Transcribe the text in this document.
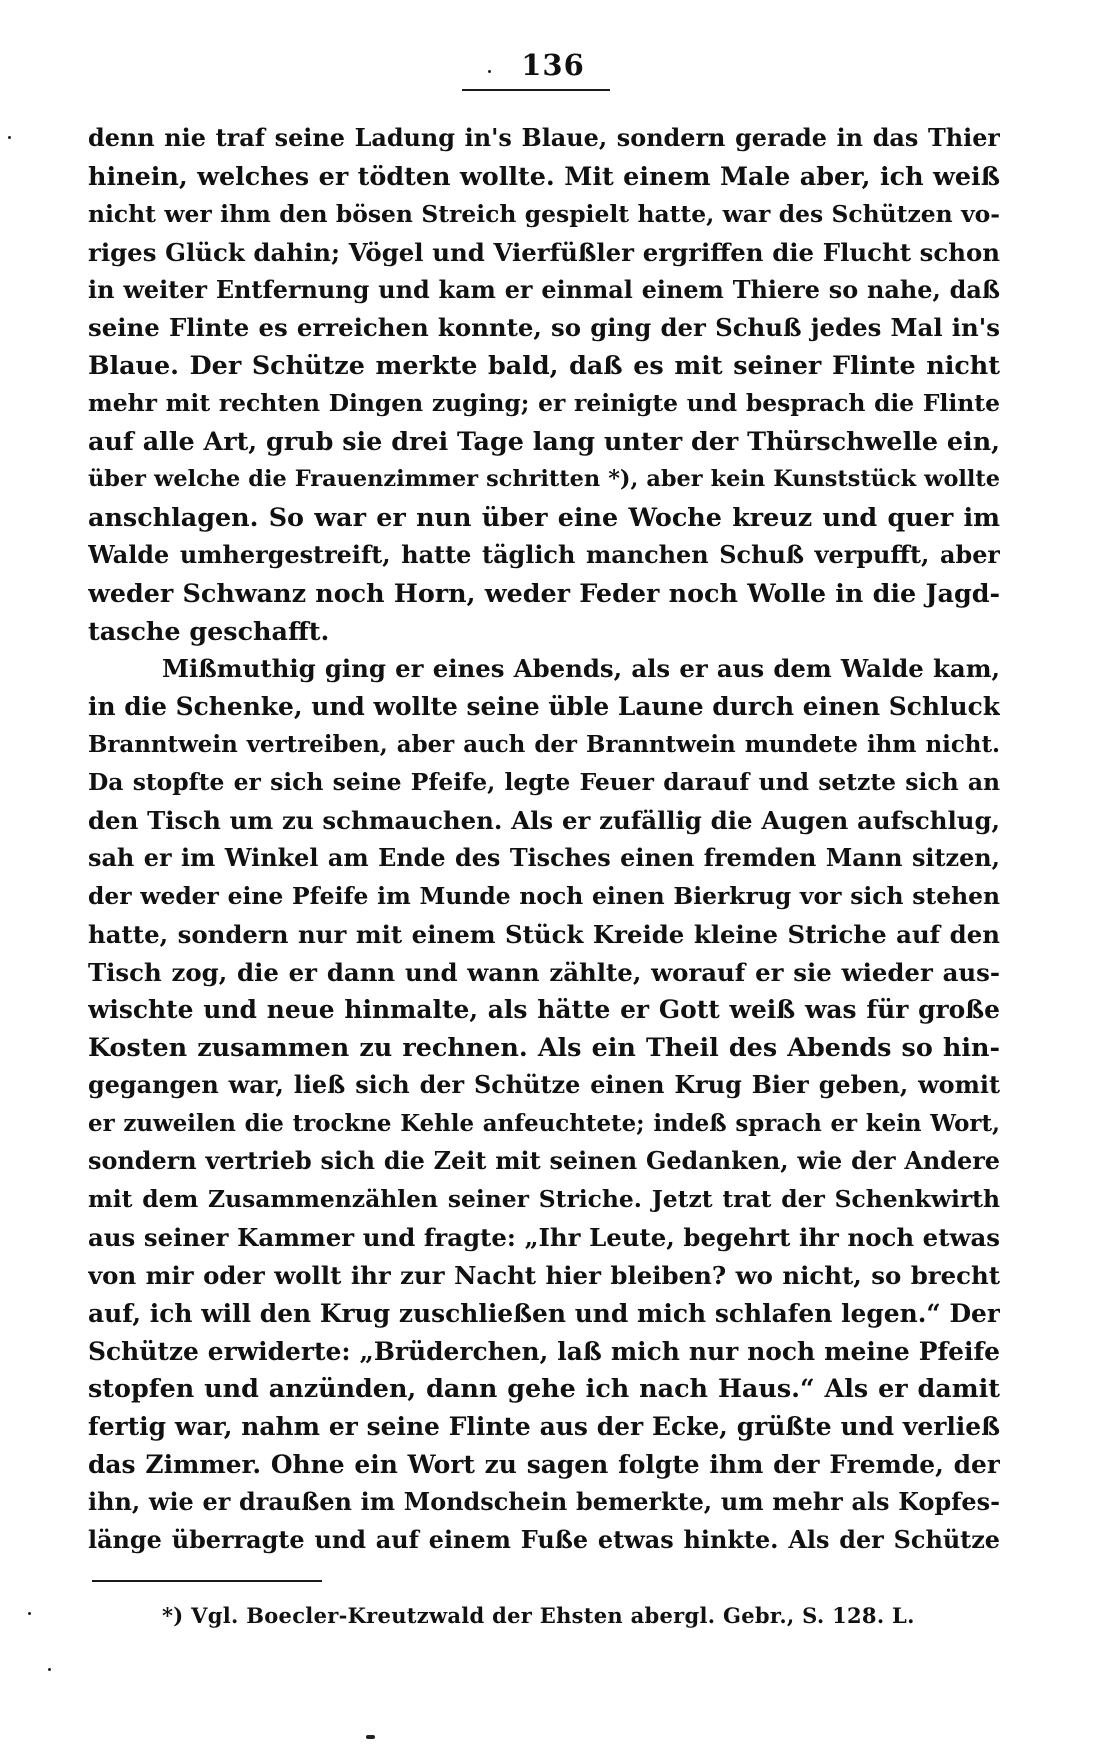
136
denn nie traf seine Ladung in's Blaue, sondern gerade in das Thier
hinein, welches er tödten wollte. Mit einem Male aber, ich weiß
nicht wer ihm den bösen Streich gespielt hatte, war des Schützen vo-
riges Glück dahin; Vögel und Vierfüßler ergriffen die Flucht schon
in weiter Entfernung und kam er einmal einem Thiere so nahe, daß
seine Flinte es erreichen konnte, so ging der Schuß jedes Mal in's
Blaue. Der Schütze merkte bald, daß es mit seiner Flinte nicht
mehr mit rechten Dingen zuging; er reinigte und besprach die Flinte
auf alle Art, grub sie drei Tage lang unter der Thürschwelle ein,
über welche die Frauenzimmer schritten *), aber kein Kunststück wollte
anschlagen. So war er nun über eine Woche kreuz und quer im
Walde umhergestreift, hatte täglich manchen Schuß verpufft, aber
weder Schwanz noch Horn, weder Feder noch Wolle in die Jagd-
tasche geschafft.
Mißmuthig ging er eines Abends, als er aus dem Walde kam,
in die Schenke, und wollte seine üble Laune durch einen Schluck
Branntwein vertreiben, aber auch der Branntwein mundete ihm nicht.
Da stopfte er sich seine Pfeife, legte Feuer darauf und setzte sich an
den Tisch um zu schmauchen. Als er zufällig die Augen aufschlug,
sah er im Winkel am Ende des Tisches einen fremden Mann sitzen,
der weder eine Pfeife im Munde noch einen Bierkrug vor sich stehen
hatte, sondern nur mit einem Stück Kreide kleine Striche auf den
Tisch zog, die er dann und wann zählte, worauf er sie wieder aus-
wischte und neue hinmalte, als hätte er Gott weiß was für große
Kosten zusammen zu rechnen. Als ein Theil des Abends so hin-
gegangen war, ließ sich der Schütze einen Krug Bier geben, womit
er zuweilen die trockne Kehle anfeuchtete; indeß sprach er kein Wort,
sondern vertrieb sich die Zeit mit seinen Gedanken, wie der Andere
mit dem Zusammenzählen seiner Striche. Jetzt trat der Schenkwirth
aus seiner Kammer und fragte: „Ihr Leute, begehrt ihr noch etwas
von mir oder wollt ihr zur Nacht hier bleiben? wo nicht, so brecht
auf, ich will den Krug zuschließen und mich schlafen legen.“ Der
Schütze erwiderte: „Brüderchen, laß mich nur noch meine Pfeife
stopfen und anzünden, dann gehe ich nach Haus.“ Als er damit
fertig war, nahm er seine Flinte aus der Ecke, grüßte und verließ
das Zimmer. Ohne ein Wort zu sagen folgte ihm der Fremde, der
ihn, wie er draußen im Mondschein bemerkte, um mehr als Kopfes-
länge überragte und auf einem Fuße etwas hinkte. Als der Schütze
*) Vgl. Boecler-Kreutzwald der Ehsten abergl. Gebr., S. 128. L.
